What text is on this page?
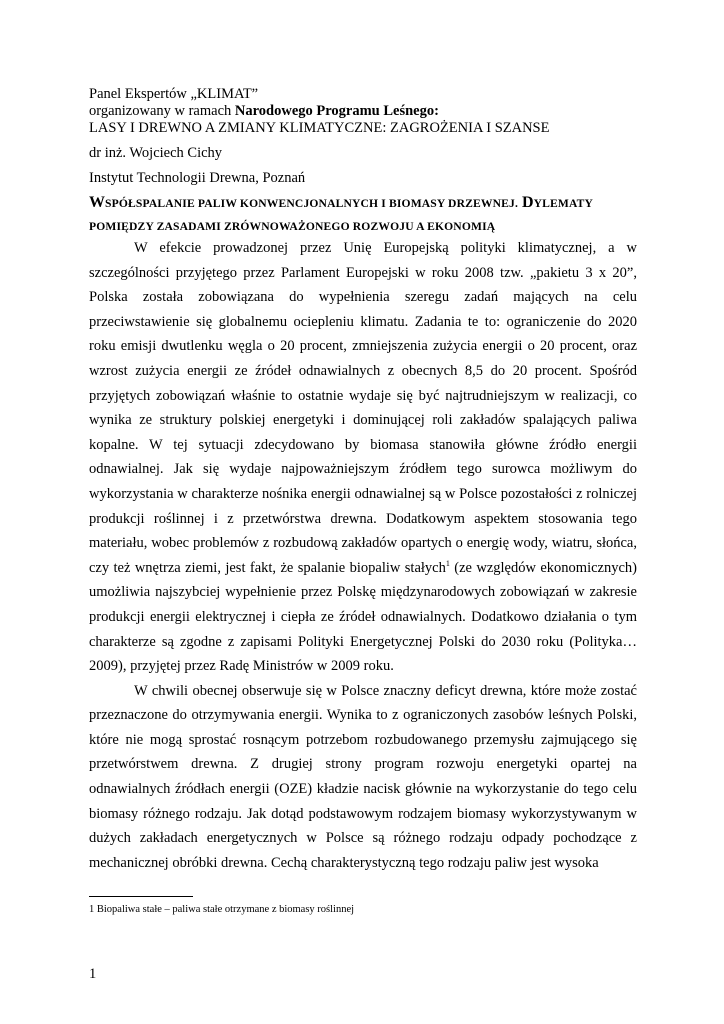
Panel Ekspertów „KLIMAT”
organizowany w ramach Narodowego Programu Leśnego:
LASY I DREWNO A ZMIANY KLIMATYCZNE: ZAGROŻENIA I SZANSE
dr inż. Wojciech Cichy
Instytut Technologii Drewna, Poznań
WSPÓŁSPALANIE PALIW KONWENCJONALNYCH I BIOMASY DRZEWNEJ. DYLEMATY POMIĘDZY ZASADAMI ZRÓWNOWAŻONEGO ROZWOJU A EKONOMIĄ

W efekcie prowadzonej przez Unię Europejską polityki klimatycznej, a w szczególności przyjętego przez Parlament Europejski w roku 2008 tzw. „pakietu 3 x 20”, Polska została zobowiązana do wypełnienia szeregu zadań mających na celu przeciwstawienie się globalnemu ociepleniu klimatu. Zadania te to: ograniczenie do 2020 roku emisji dwutlenku węgla o 20 procent, zmniejszenia zużycia energii o 20 procent, oraz wzrost zużycia energii ze źródeł odnawialnych z obecnych 8,5 do 20 procent. Spośród przyjętych zobowiązań właśnie to ostatnie wydaje się być najtrudniejszym w realizacji, co wynika ze struktury polskiej energetyki i dominującej roli zakładów spalających paliwa kopalne. W tej sytuacji zdecydowano by biomasa stanowiła główne źródło energii odnawialnej. Jak się wydaje najpoważniejszym źródłem tego surowca możliwym do wykorzystania w charakterze nośnika energii odnawialnej są w Polsce pozostałości z rolniczej produkcji roślinnej i z przetwórstwa drewna. Dodatkowym aspektem stosowania tego materiału, wobec problemów z rozbudową zakładów opartych o energię wody, wiatru, słońca, czy też wnętrza ziemi, jest fakt, że spalanie biopaliw stałych$^1$ (ze względów ekonomicznych) umożliwia najszybciej wypełnienie przez Polskę międzynarodowych zobowiązań w zakresie produkcji energii elektrycznej i ciepła ze źródeł odnawialnych. Dodatkowo działania o tym charakterze są zgodne z zapisami Polityki Energetycznej Polski do 2030 roku (Polityka… 2009), przyjętej przez Radę Ministrów w 2009 roku.

W chwili obecnej obserwuje się w Polsce znaczny deficyt drewna, które może zostać przeznaczone do otrzymywania energii. Wynika to z ograniczonych zasobów leśnych Polski, które nie mogą sprostać rosnącym potrzebom rozbudowanego przemysłu zajmującego się przetwórstwem drewna. Z drugiej strony program rozwoju energetyki opartej na odnawialnych źródłach energii (OZE) kładzie nacisk głównie na wykorzystanie do tego celu biomasy różnego rodzaju. Jak dotąd podstawowym rodzajem biomasy wykorzystywanym w dużych zakładach energetycznych w Polsce są różnego rodzaju odpady pochodzące z mechanicznej obróbki drewna. Cechą charakterystyczną tego rodzaju paliw jest wysoka

1 Biopaliwa stałe – paliwa stałe otrzymane z biomasy roślinnej
1
